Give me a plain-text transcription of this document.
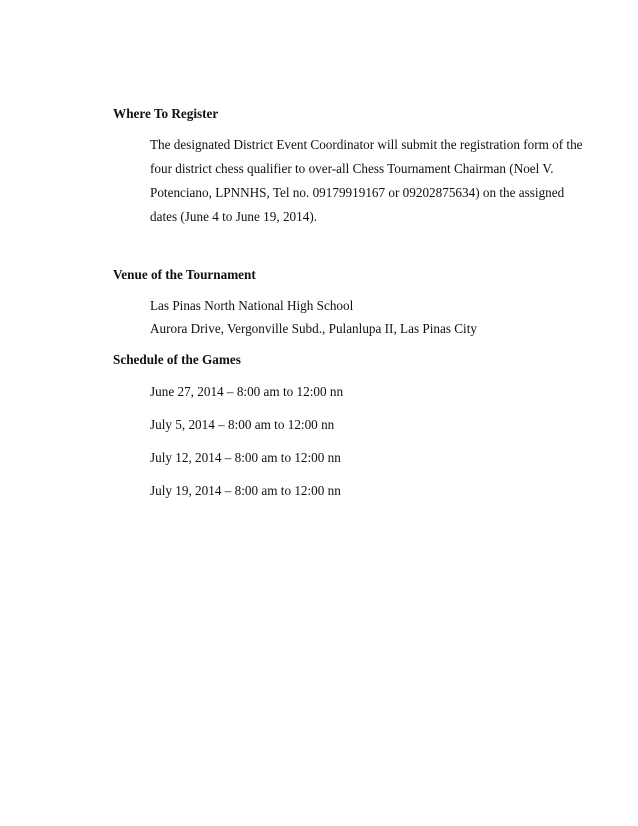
Where To Register
The designated District Event Coordinator will submit the registration form of the
four district chess qualifier to over-all Chess Tournament Chairman (Noel V.
Potenciano, LPNNHS, Tel no. 09179919167 or 09202875634) on the assigned
dates (June 4 to June 19, 2014).
Venue of the Tournament
Las Pinas North National High School
Aurora Drive, Vergonville Subd., Pulanlupa II, Las Pinas City
Schedule of the Games
June 27, 2014 – 8:00 am to 12:00 nn
July 5, 2014 – 8:00 am to 12:00 nn
July 12, 2014 – 8:00 am to 12:00 nn
July 19, 2014 – 8:00 am to 12:00 nn
